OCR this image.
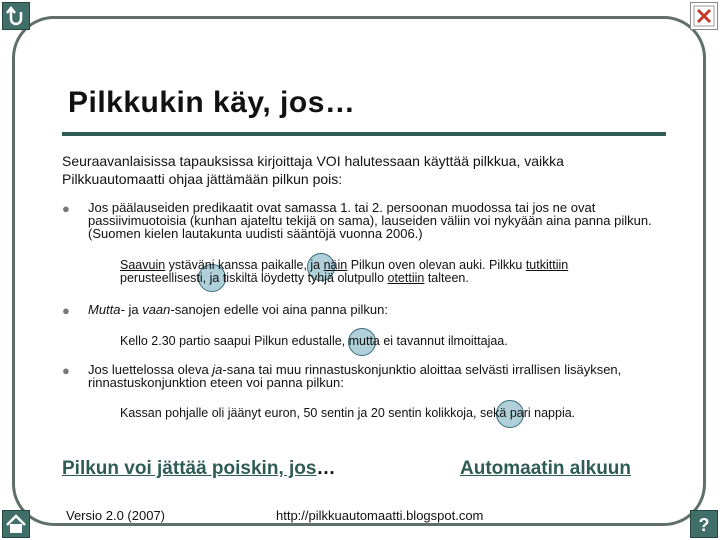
?
Pilkkukin käy, jos…
Seuraavanlaisissa tapauksissa kirjoittaja VOI halutessaan käyttää pilkkua, vaikka Pilkkuautomaatti ohjaa jättämään pilkun pois:
● Jos päälauseiden predikaatit ovat samassa 1. tai 2. persoonan muodossa tai jos ne ovat passiivimuotoisia (kunhan ajateltu tekijä on sama), lauseiden väliin voi nykyään aina panna pilkun. (Suomen kielen lautakunta uudisti sääntöjä vuonna 2006.)
Saavuin ystäväni kanssa paikalle, ja näin Pilkun oven olevan auki. Pilkku tutkittiin
perusteellisesti, ja tiskiltä löydetty tyhjä olutpullo otettiin talteen.
● Mutta- ja vaan-sanojen edelle voi aina panna pilkun:
Kello 2.30 partio saapui Pilkun edustalle, mutta ei tavannut ilmoittajaa.
● Jos luettelossa oleva ja-sana tai muu rinnastuskonjunktio aloittaa selvästi irrallisen lisäyksen, rinnastuskonjunktion eteen voi panna pilkun:
Kassan pohjalle oli jäänyt euron, 50 sentin ja 20 sentin kolikkoja, sekä pari nappia.
Pilkun voi jättää poiskin, jos…	Automaatin alkuun
Versio 2.0 (2007)	http://pilkkuautomaatti.blogspot.com
